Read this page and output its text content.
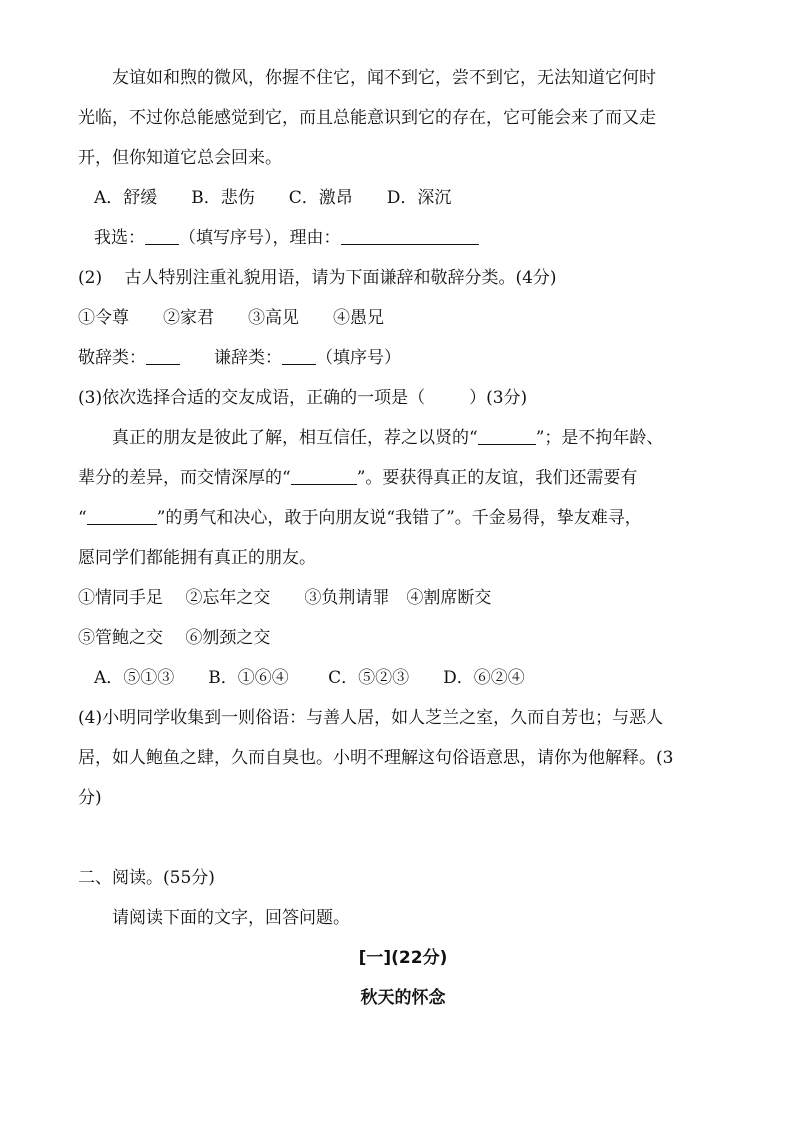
友谊如和煦的微风，你握不住它，闻不到它，尝不到它，无法知道它何时

光临，不过你总能感觉到它，而且总能意识到它的存在，它可能会来了而又走

开，但你知道它总会回来。

A．舒缓　　B．悲伤　　C．激昂　　D．深沉

我选： （填写序号），理由：

(2)　 古人特别注重礼貌用语，请为下面谦辞和敬辞分类。(4分)

①令尊　　②家君　　③高见　　④愚兄

敬辞类：　　谦辞类： （填序号）

(3)依次选择合适的交友成语，正确的一项是（	）(3分)

真正的朋友是彼此了解，相互信任，荐之以贤的“	”；是不拘年龄、

辈分的差异，而交情深厚的“	”。要获得真正的友谊，我们还需要有

“	”的勇气和决心，敢于向朋友说“我错了”。千金易得，挚友难寻，

愿同学们都能拥有真正的朋友。

①情同手足　 ②忘年之交　　③负荆请罪　④割席断交

⑤管鲍之交　 ⑥刎颈之交

A．⑤①③　　B．①⑥④　　 C．⑤②③　　D．⑥②④

(4)小明同学收集到一则俗语：与善人居，如人芝兰之室，久而自芳也；与恶人

居，如人鲍鱼之肆，久而自臭也。小明不理解这句俗语意思，请你为他解释。(3

分)

二、阅读。(55分)

请阅读下面的文字，回答问题。

[一](22分)

秋天的怀念
